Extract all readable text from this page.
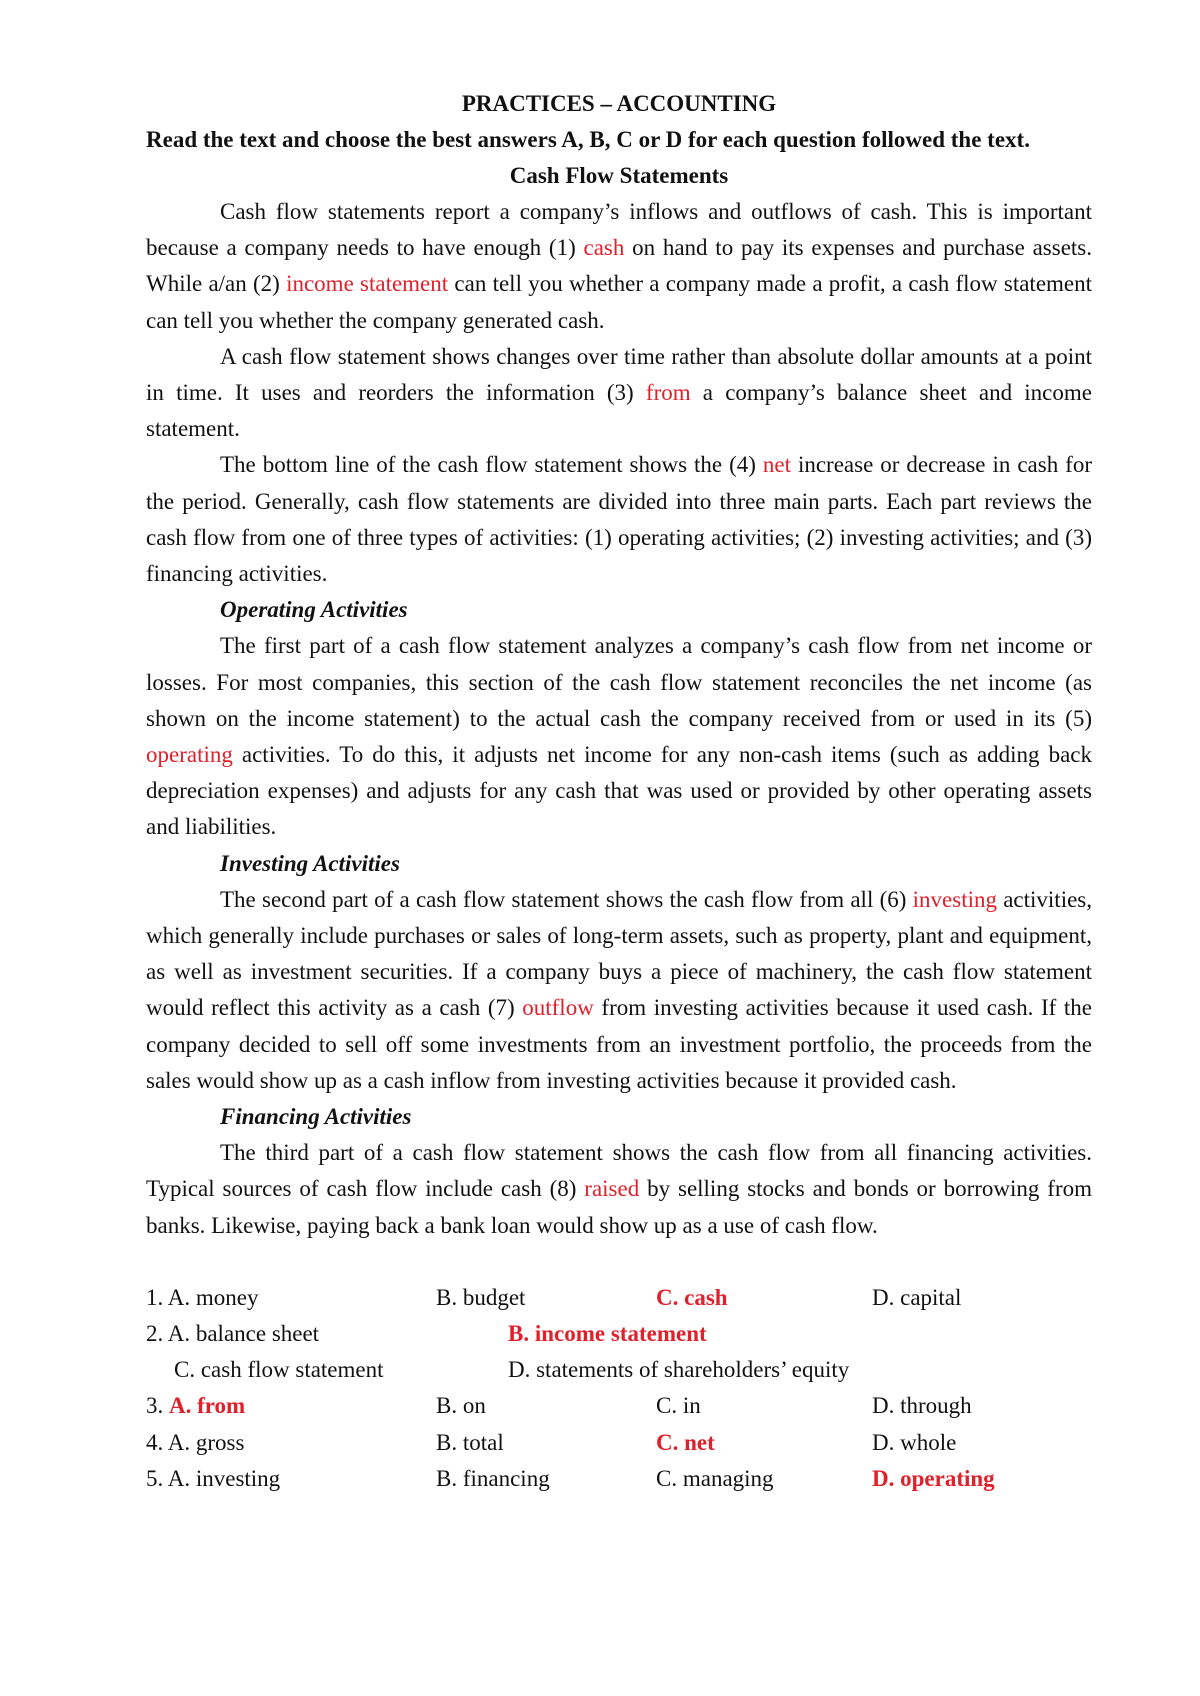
PRACTICES – ACCOUNTING

Read the text and choose the best answers A, B, C or D for each question followed the text.

Cash Flow Statements

Cash flow statements report a company’s inflows and outflows of cash. This is important because a company needs to have enough (1) cash on hand to pay its expenses and purchase assets. While a/an (2) income statement can tell you whether a company made a profit, a cash flow statement can tell you whether the company generated cash.

A cash flow statement shows changes over time rather than absolute dollar amounts at a point in time. It uses and reorders the information (3) from a company’s balance sheet and income statement.

The bottom line of the cash flow statement shows the (4) net increase or decrease in cash for the period. Generally, cash flow statements are divided into three main parts. Each part reviews the cash flow from one of three types of activities: (1) operating activities; (2) investing activities; and (3) financing activities.

Operating Activities

The first part of a cash flow statement analyzes a company’s cash flow from net income or losses. For most companies, this section of the cash flow statement reconciles the net income (as shown on the income statement) to the actual cash the company received from or used in its (5) operating activities. To do this, it adjusts net income for any non-cash items (such as adding back depreciation expenses) and adjusts for any cash that was used or provided by other operating assets and liabilities.

Investing Activities

The second part of a cash flow statement shows the cash flow from all (6) investing activities, which generally include purchases or sales of long-term assets, such as property, plant and equipment, as well as investment securities. If a company buys a piece of machinery, the cash flow statement would reflect this activity as a cash (7) outflow from investing activities because it used cash. If the company decided to sell off some investments from an investment portfolio, the proceeds from the sales would show up as a cash inflow from investing activities because it provided cash.

Financing Activities

The third part of a cash flow statement shows the cash flow from all financing activities. Typical sources of cash flow include cash (8) raised by selling stocks and bonds or borrowing from banks. Likewise, paying back a bank loan would show up as a use of cash flow.

1. A. money	B. budget	C. cash	D. capital
2. A. balance sheet	B. income statement
C. cash flow statement	D. statements of shareholders’ equity
3. A. from	B. on	C. in	D. through
4. A. gross	B. total	C. net	D. whole
5. A. investing	B. financing	C. managing	D. operating
